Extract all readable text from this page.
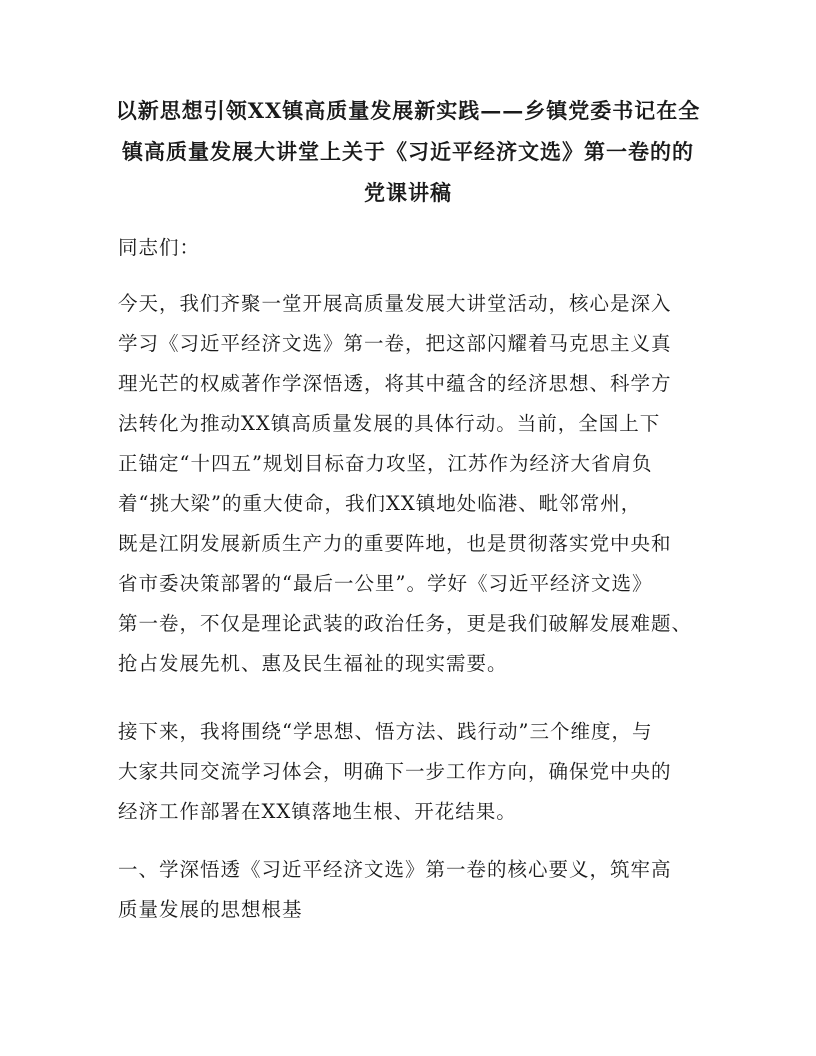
以新思想引领XX镇高质量发展新实践——乡镇党委书记在全
镇高质量发展大讲堂上关于《习近平经济文选》第一卷的的
党课讲稿

同志们：

今天，我们齐聚一堂开展高质量发展大讲堂活动，核心是深入
学习《习近平经济文选》第一卷，把这部闪耀着马克思主义真
理光芒的权威著作学深悟透，将其中蕴含的经济思想、科学方
法转化为推动XX镇高质量发展的具体行动。当前，全国上下
正锚定“十四五”规划目标奋力攻坚，江苏作为经济大省肩负
着“挑大梁”的重大使命，我们XX镇地处临港、毗邻常州，
既是江阴发展新质生产力的重要阵地，也是贯彻落实党中央和
省市委决策部署的“最后一公里”。学好《习近平经济文选》
第一卷，不仅是理论武装的政治任务，更是我们破解发展难题、
抢占发展先机、惠及民生福祉的现实需要。

接下来，我将围绕“学思想、悟方法、践行动”三个维度，与
大家共同交流学习体会，明确下一步工作方向，确保党中央的
经济工作部署在XX镇落地生根、开花结果。

一、学深悟透《习近平经济文选》第一卷的核心要义，筑牢高
质量发展的思想根基
